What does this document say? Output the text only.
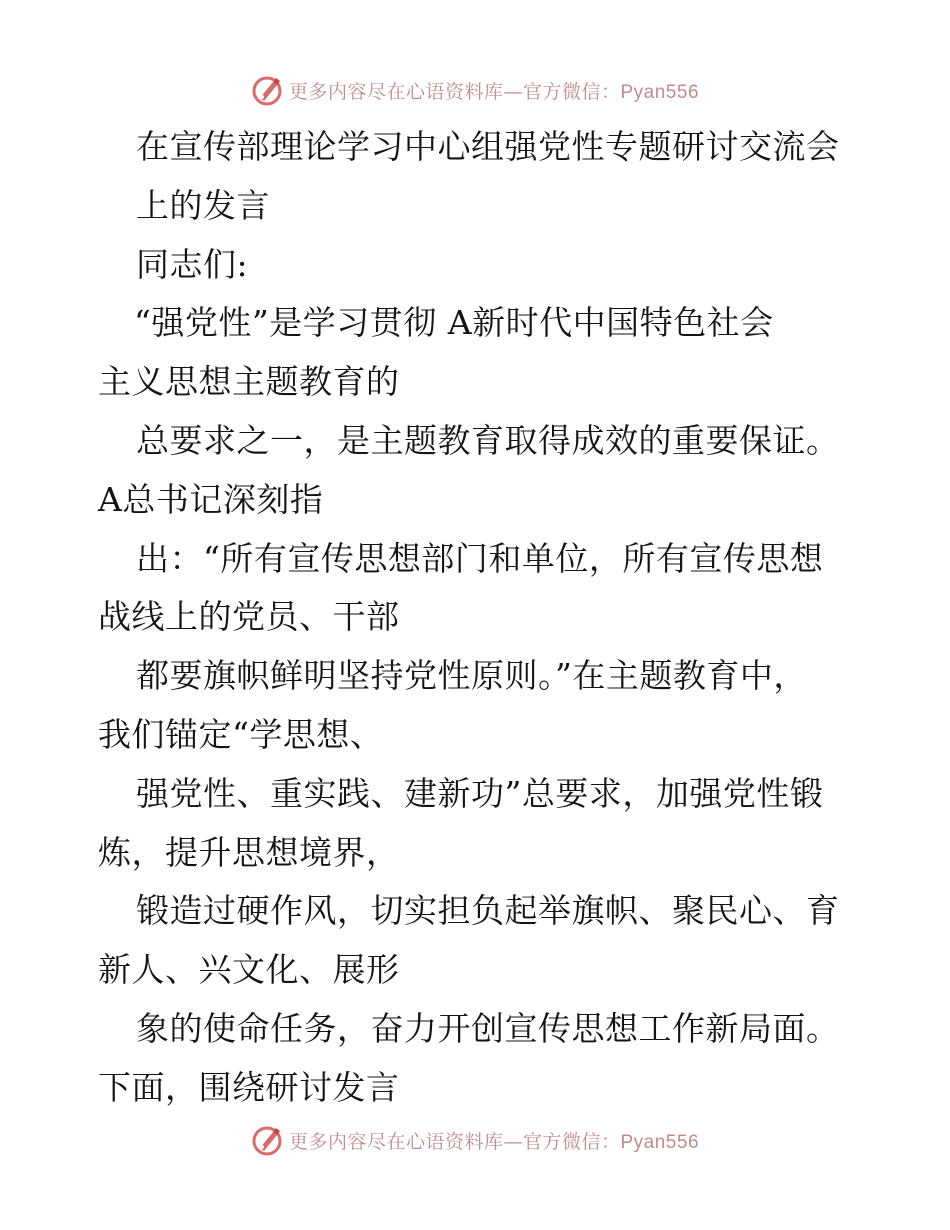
更多内容尽在心语资料库—官方微信：Pyan556
在宣传部理论学习中心组强党性专题研讨交流会
上的发言
同志们:
“强党性”是学习贯彻 A新时代中国特色社会
主义思想主题教育的
总要求之一，是主题教育取得成效的重要保证。
A总书记深刻指
出：“所有宣传思想部门和单位，所有宣传思想
战线上的党员、干部
都要旗帜鲜明坚持党性原则。”在主题教育中，
我们锚定“学思想、
强党性、重实践、建新功”总要求，加强党性锻
炼，提升思想境界，
锻造过硬作风，切实担负起举旗帜、聚民心、育
新人、兴文化、展形
象的使命任务，奋力开创宣传思想工作新局面。
下面，围绕研讨发言
更多内容尽在心语资料库—官方微信：Pyan556
